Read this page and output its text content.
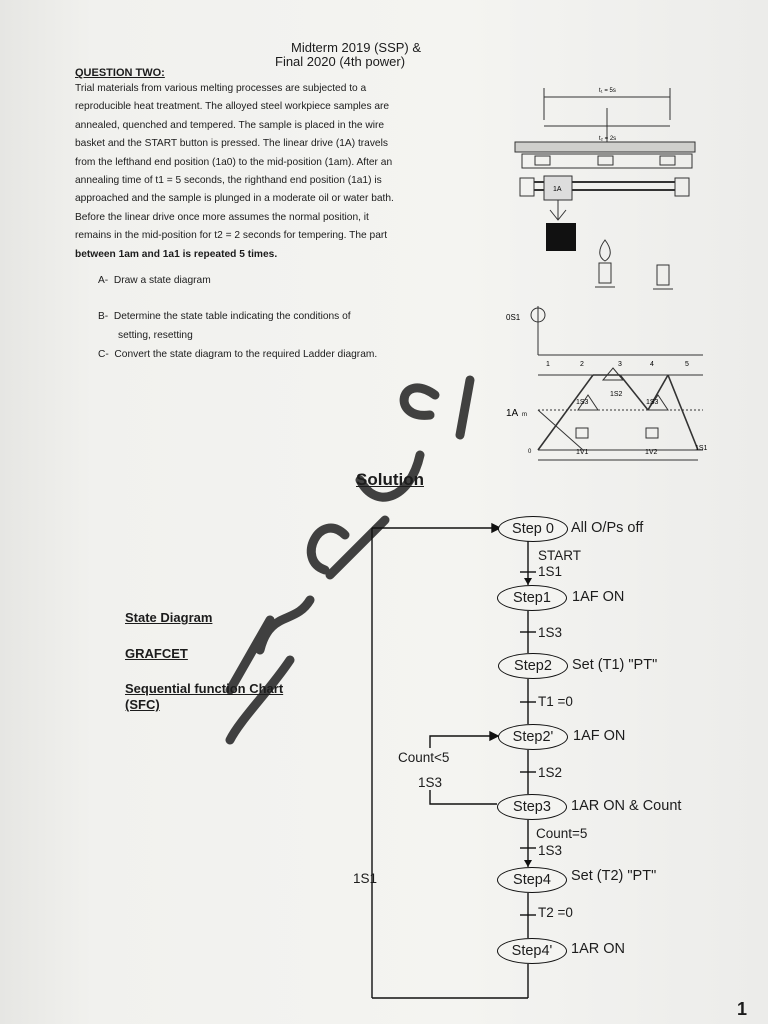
Midterm 2019 (SSP) &
Final 2020 (4th power)
QUESTION TWO:
Trial materials from various melting processes are subjected to a
reproducible heat treatment. The alloyed steel workpiece samples are
annealed, quenched and tempered. The sample is placed in the wire
basket and the START button is pressed. The linear drive (1A) travels
from the lefthand end position (1a0) to the mid-position (1am). After an
annealing time of t1 = 5 seconds, the righthand end position (1a1) is
approached and the sample is plunged in a moderate oil or water bath.
Before the linear drive once more assumes the normal position, it
remains in the mid-position for t2 = 2 seconds for tempering. The part
between 1am and 1a1 is repeated 5 times.
A- Draw a state diagram
B- Determine the state table indicating the conditions of
setting, resetting
C- Convert the state diagram to the required Ladder diagram.
t₁ = 5s
t₂ = 2s
1A
0S1
1A m
0
1	2	3	4	5
1S3
1S2
1S3
1S1
1V1	1V2
Solution
State Diagram
GRAFCET
Sequential function Chart
(SFC)
Step 0	All O/Ps off
Step1	1AF ON
Step2	Set (T1) "PT"
Step2'	1AF ON
Step3	1AR ON & Count
Step4	Set (T2) "PT"
Step4'	1AR ON
START
1S1
1S3
T1 =0
1S2
Count=5
1S3
T2 =0
Count<5
1S3
1S1
1
